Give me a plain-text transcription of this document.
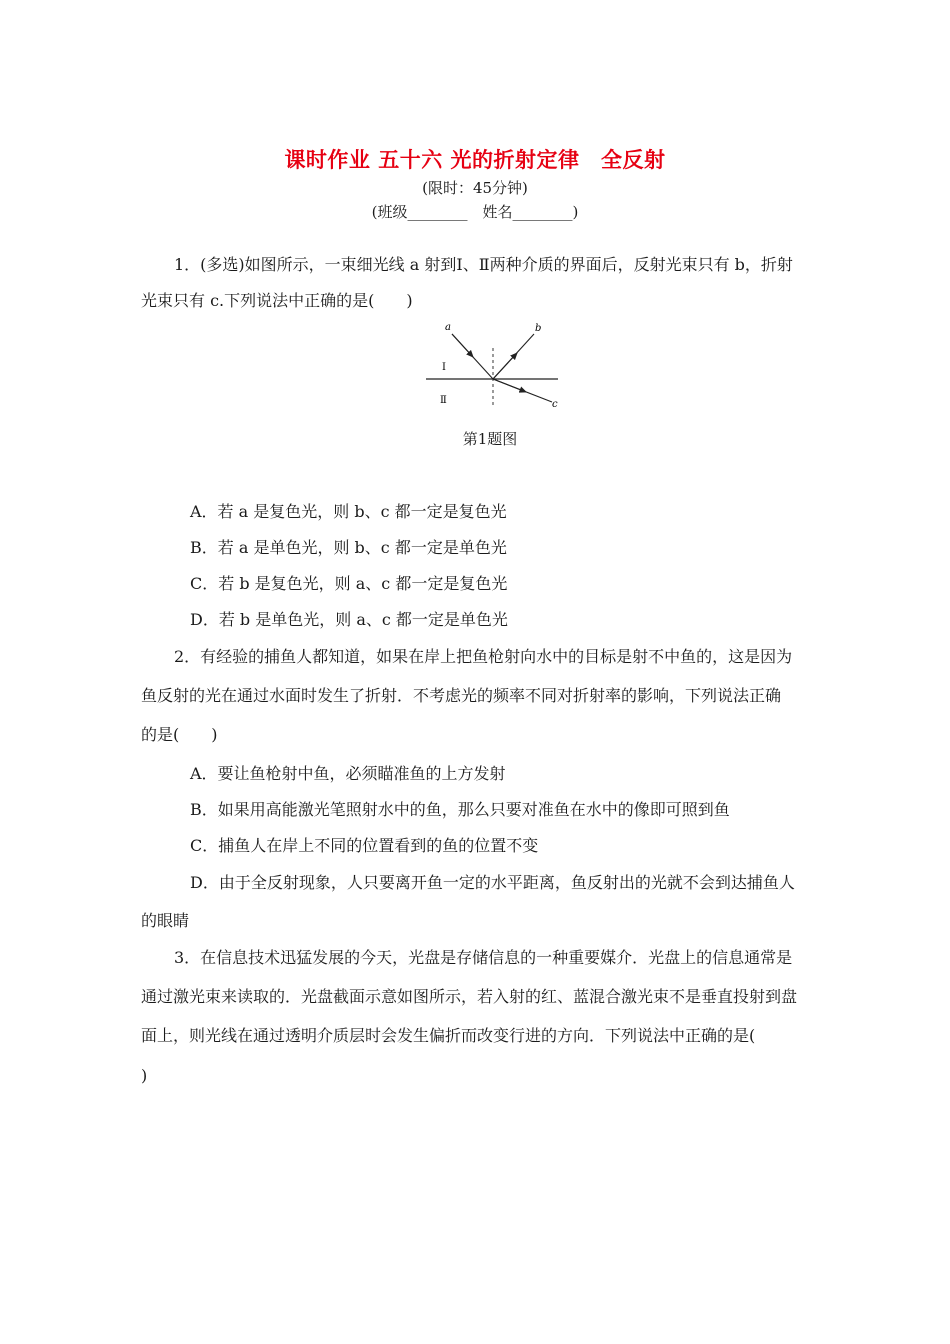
课时作业 五十六 光的折射定律　全反射
(限时：45分钟)
(班级________　姓名________)
1．(多选)如图所示，一束细光线 a 射到Ⅰ、Ⅱ两种介质的界面后，反射光束只有 b，折射
光束只有 c.下列说法中正确的是(　　)
a	b
c
Ⅰ
Ⅱ
第1题图
A．若 a 是复色光，则 b、c 都一定是复色光
B．若 a 是单色光，则 b、c 都一定是单色光
C．若 b 是复色光，则 a、c 都一定是复色光
D．若 b 是单色光，则 a、c 都一定是单色光
2．有经验的捕鱼人都知道，如果在岸上把鱼枪射向水中的目标是射不中鱼的，这是因为
鱼反射的光在通过水面时发生了折射．不考虑光的频率不同对折射率的影响，下列说法正确
的是(　　)
A．要让鱼枪射中鱼，必须瞄准鱼的上方发射
B．如果用高能激光笔照射水中的鱼，那么只要对准鱼在水中的像即可照到鱼
C．捕鱼人在岸上不同的位置看到的鱼的位置不变
D．由于全反射现象，人只要离开鱼一定的水平距离，鱼反射出的光就不会到达捕鱼人
的眼睛
3．在信息技术迅猛发展的今天，光盘是存储信息的一种重要媒介．光盘上的信息通常是
通过激光束来读取的．光盘截面示意如图所示，若入射的红、蓝混合激光束不是垂直投射到盘
面上，则光线在通过透明介质层时会发生偏折而改变行进的方向．下列说法中正确的是(
)
